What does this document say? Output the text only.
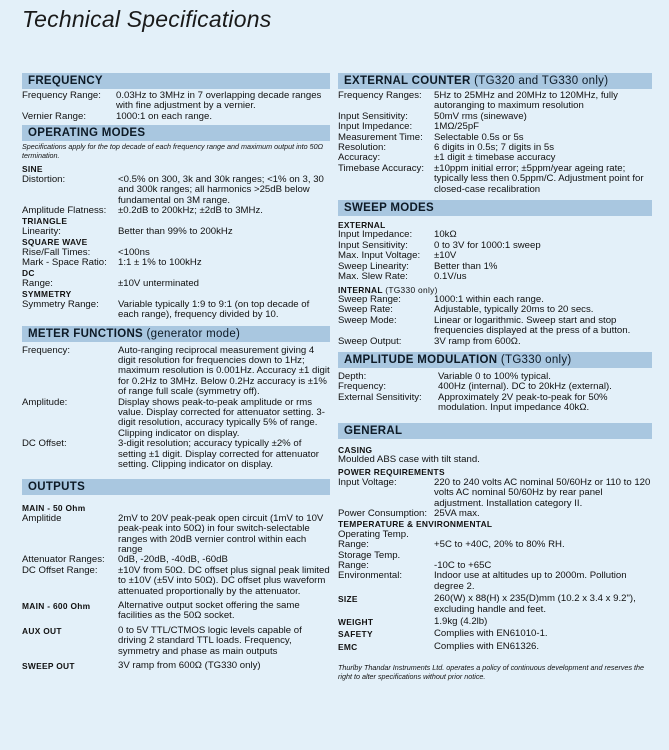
Technical Specifications
FREQUENCY
Frequency Range:	0.03Hz to 3MHz in 7 overlapping decade ranges with fine adjustment by a vernier.
Vernier Range:	1000:1 on each range.
OPERATING MODES
Specifications apply for the top decade of each frequency range and maximum output into 50Ω termination.
SINE
Distortion:	<0.5% on 300, 3k and 30k ranges; <1% on 3, 30 and 300k ranges; all harmonics >25dB below fundamental on 3M range.
Amplitude Flatness:	±0.2dB to 200kHz; ±2dB to 3MHz.
TRIANGLE
Linearity:	Better than 99% to 200kHz
SQUARE WAVE
Rise/Fall Times:	<100ns
Mark - Space Ratio:	1:1 ± 1% to 100kHz
DC
Range:	±10V unterminated
SYMMETRY
Symmetry Range:	Variable typically 1:9 to 9:1 (on top decade of each range), frequency divided by 10.
METER FUNCTIONS (generator mode)
Frequency:	Auto-ranging reciprocal measurement giving 4 digit resolution for frequencies down to 1Hz; maximum resolution is 0.001Hz. Accuracy ±1 digit for 0.2Hz to 3MHz. Below 0.2Hz accuracy is ±1% of range full scale (symmetry off).
Amplitude:	Display shows peak-to-peak amplitude or rms value. Display corrected for attenuator setting. 3-digit resolution, accuracy typically 5% of range. Clipping indicator on display.
DC Offset:	3-digit resolution; accuracy typically ±2% of setting ±1 digit. Display corrected for attenuator setting. Clipping indicator on display.
OUTPUTS
MAIN - 50 Ohm

Amplitide	2mV to 20V peak-peak open circuit (1mV to 10V peak-peak into 50Ω) in four switch-selectable ranges with 20dB vernier control within each range
Attenuator Ranges:	0dB, -20dB, -40dB, -60dB
DC Offset Range:	±10V from 50Ω. DC offset plus signal peak limited to ±10V (±5V into 50Ω). DC offset plus waveform attenuated proportionally by the attenuator.
MAIN - 600 Ohm	Alternative output socket offering the same facilities as the 50Ω socket.
AUX OUT	0 to 5V TTL/CTMOS logic levels capable of driving 2 standard TTL loads. Frequency, symmetry and phase as main outputs
SWEEP OUT	3V ramp from 600Ω (TG330 only)
EXTERNAL COUNTER (TG320 and TG330 only)
Frequency Ranges:	5Hz to 25MHz and 20MHz to 120MHz, fully autoranging to maximum resolution
Input Sensitivity:	50mV rms (sinewave)
Input Impedance:	1MΩ/25pF
Measurement Time:	Selectable 0.5s or 5s
Resolution:	6 digits in 0.5s; 7 digits in 5s
Accuracy:	±1 digit ± timebase accuracy
Timebase Accuracy:	±10ppm initial error; ±5ppm/year ageing rate; typically less then 0.5ppm/C. Adjustment point for closed-case recalibration
SWEEP MODES
EXTERNAL
Input Impedance:	10kΩ
Input Sensitivity:	0 to 3V for 1000:1 sweep
Max. Input Voltage:	±10V
Sweep Linearity:	Better than 1%
Max. Slew Rate:	0.1V/us
INTERNAL (TG330 only)
Sweep Range:	1000:1 within each range.
Sweep Rate:	Adjustable, typically 20ms to 20 secs.
Sweep Mode:	Linear or logarithmic. Sweep start and stop frequencies displayed at the press of a button.
Sweep Output:	3V ramp from 600Ω.
AMPLITUDE MODULATION (TG330 only)
Depth:	Variable 0 to 100% typical.
Frequency:	400Hz (internal). DC to 20kHz (external).
External Sensitivity:	Approximately 2V peak-to-peak for 50% modulation. Input impedance 40kΩ.
GENERAL
CASING
Moulded ABS case with tilt stand.
POWER REQUIREMENTS
Input Voltage:	220 to 240 volts AC nominal 50/60Hz or 110 to 120 volts AC nominal 50/60Hz by rear panel adjustment. Installation category II.
Power Consumption: 25VA max.
TEMPERATURE & ENVIRONMENTAL
Operating Temp.
Range:	+5C to +40C, 20% to 80% RH.
Storage Temp.
Range:	-10C to +65C
Environmental:	Indoor use at altitudes up to 2000m. Pollution degree 2.
SIZE	260(W) x 88(H) x 235(D)mm (10.2 x 3.4 x 9.2"), excluding handle and feet.
WEIGHT	1.9kg (4.2lb)
SAFETY	Complies with EN61010-1.
EMC	Complies with EN61326.
Thurlby Thandar Instruments Ltd. operates a policy of continuous development and reserves the right to alter specifications without prior notice.
